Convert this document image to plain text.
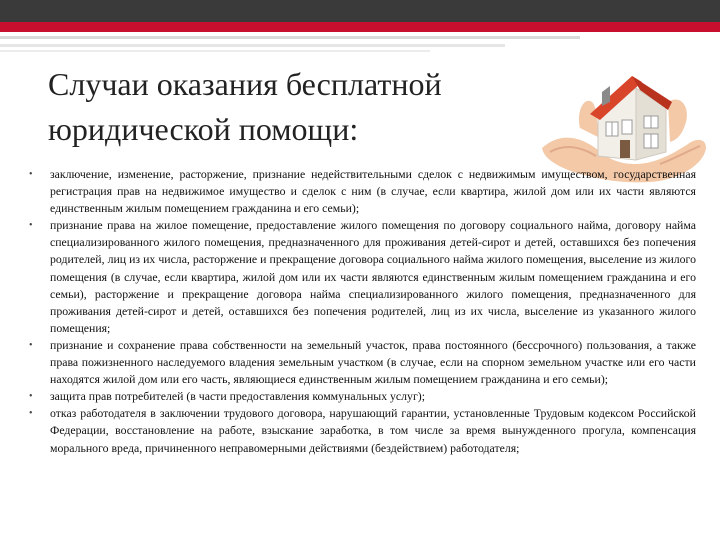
Случаи оказания бесплатной
юридической помощи:
• заключение, изменение, расторжение, признание недействительными сделок с недвижимым имуществом, государственная регистрация прав на недвижимое имущество и сделок с ним (в случае, если квартира, жилой дом или их части являются единственным жилым помещением гражданина и его семьи);
• признание права на жилое помещение, предоставление жилого помещения по договору социального найма, договору найма специализированного жилого помещения, предназначенного для проживания детей-сирот и детей, оставшихся без попечения родителей, лиц из их числа, расторжение и прекращение договора социального найма жилого помещения, выселение из жилого помещения (в случае, если квартира, жилой дом или их части являются единственным жилым помещением гражданина и его семьи), расторжение и прекращение договора найма специализированного жилого помещения, предназначенного для проживания детей-сирот и детей, оставшихся без попечения родителей, лиц из их числа, выселение из указанного жилого помещения;
• признание и сохранение права собственности на земельный участок, права постоянного (бессрочного) пользования, а также права пожизненного наследуемого владения земельным участком (в случае, если на спорном земельном участке или его части находятся жилой дом или его часть, являющиеся единственным жилым помещением гражданина и его семьи);
• защита прав потребителей (в части предоставления коммунальных услуг);
• отказ работодателя в заключении трудового договора, нарушающий гарантии, установленные Трудовым кодексом Российской Федерации, восстановление на работе, взыскание заработка, в том числе за время вынужденного прогула, компенсация морального вреда, причиненного неправомерными действиями (бездействием) работодателя;
